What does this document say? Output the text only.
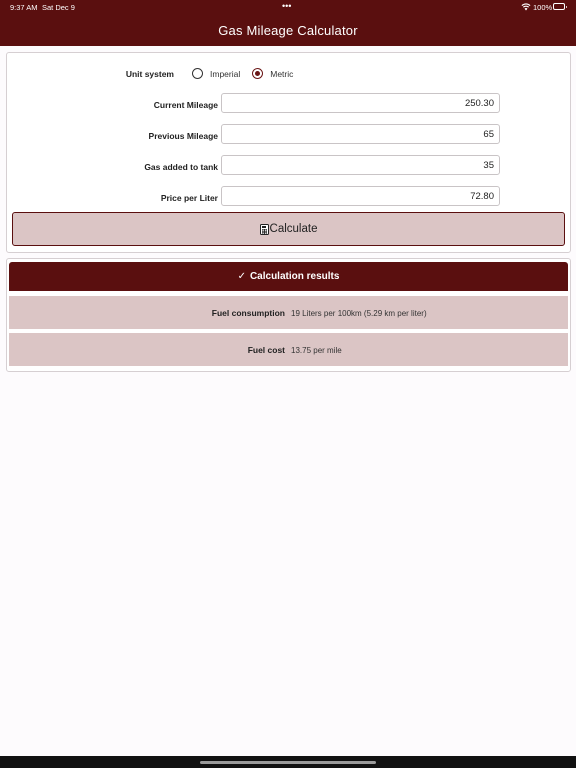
9:37 AM Sat Dec 9	•••	100%
Gas Mileage Calculator
Unit system	Imperial	Metric
Current Mileage	250.30
Previous Mileage	65
Gas added to tank	35
Price per Liter	72.80
Calculate
✓ Calculation results
Fuel consumption 19 Liters per 100km (5.29 km per liter)
Fuel cost 13.75 per mile
